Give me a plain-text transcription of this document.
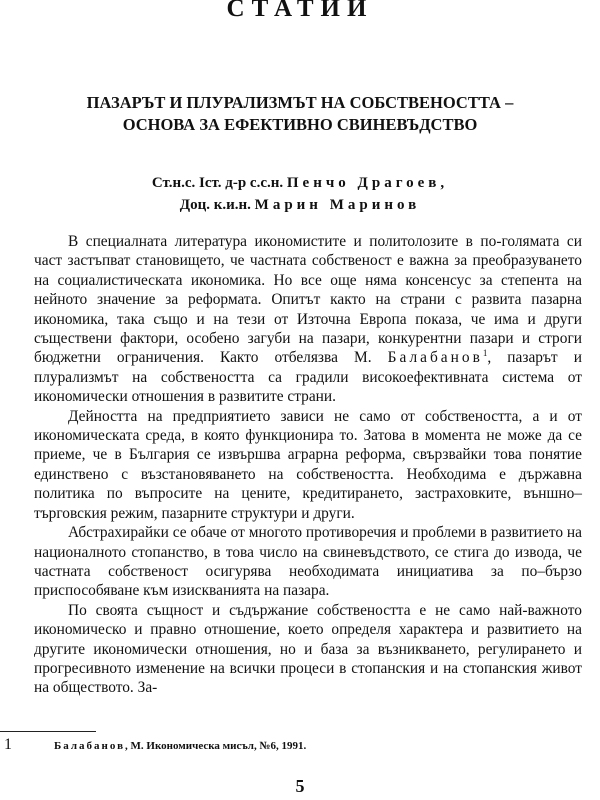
СТАТИИ
ПАЗАРЪТ И ПЛУРАЛИЗМЪТ НА СОБСТВЕНОСТТА –
ОСНОВА ЗА ЕФЕКТИВНО СВИНЕВЪДСТВО
Ст.н.с. Іст. д-р с.с.н. Пенчо Драгоев,
Доц. к.и.н. Марин Маринов

В специалната литература икономистите и политолозите в по-голямата си част застъпват становището, че частната собственост е важна за преобразуването на социалистическата икономика. Но все още няма консенсус за степента на нейното значение за реформата. Опитът както на страни с развита пазарна икономика, така също и на тези от Източна Европа показа, че има и други съществени фактори, особено загуби на пазари, конкурентни пазари и строги бюджетни ограничения. Както отбелязва М. Балабанов$^1$, пазарът и плурализмът на собствеността са градили високоефективната система от икономически отношения в развитите страни.

Дейността на предприятието зависи не само от собствеността, а и от икономическата среда, в която функционира то. Затова в момента не може да се приеме, че в България се извършва аграрна реформа, свързвайки това понятие единствено с възстановяването на собствеността. Необходима е държавна политика по въпросите на цените, кредитирането, застраховките, външно–търговския режим, пазарните структури и други.

Абстрахирайки се обаче от многото противоречия и проблеми в развитието на националното стопанство, в това число на свиневъдството, се стига до извода, че частната собственост осигурява необходимата инициатива за по–бързо приспособяване към изискванията на пазара.

По своята същност и съдържание собствеността е не само най-важното икономическо и правно отношение, което определя характера и развитието на другите икономически отношения, но и база за възникването, регулирането и прогресивното изменение на всички процеси в стопанския и на стопанския живот на обществото. За-

1	Балабанов, М. Икономическа мисъл, №6, 1991.
5
